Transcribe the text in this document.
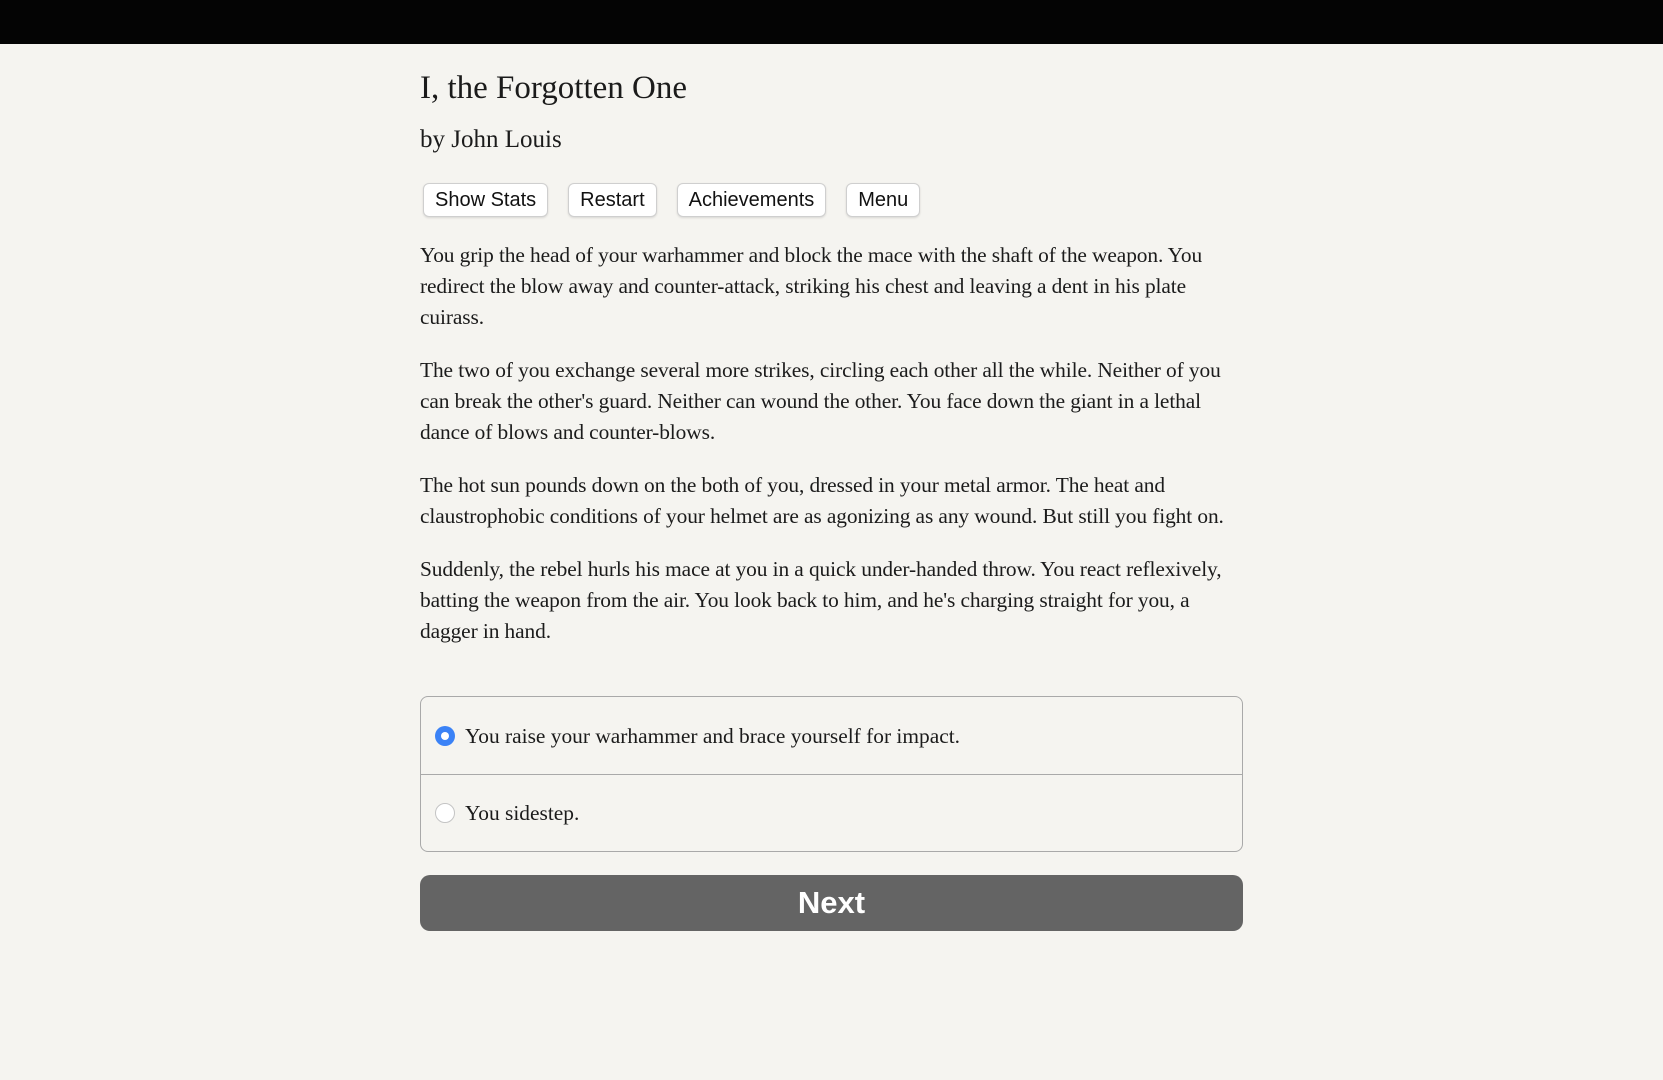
I, the Forgotten One
by John Louis
Show Stats	Restart	Achievements	Menu

You grip the head of your warhammer and block the mace with the shaft of the weapon. You redirect the blow away and counter-attack, striking his chest and leaving a dent in his plate cuirass.

The two of you exchange several more strikes, circling each other all the while. Neither of you can break the other's guard. Neither can wound the other. You face down the giant in a lethal dance of blows and counter-blows.

The hot sun pounds down on the both of you, dressed in your metal armor. The heat and claustrophobic conditions of your helmet are as agonizing as any wound. But still you fight on.

Suddenly, the rebel hurls his mace at you in a quick under-handed throw. You react reflexively, batting the weapon from the air. You look back to him, and he's charging straight for you, a dagger in hand.

You raise your warhammer and brace yourself for impact.
You sidestep.
Next
